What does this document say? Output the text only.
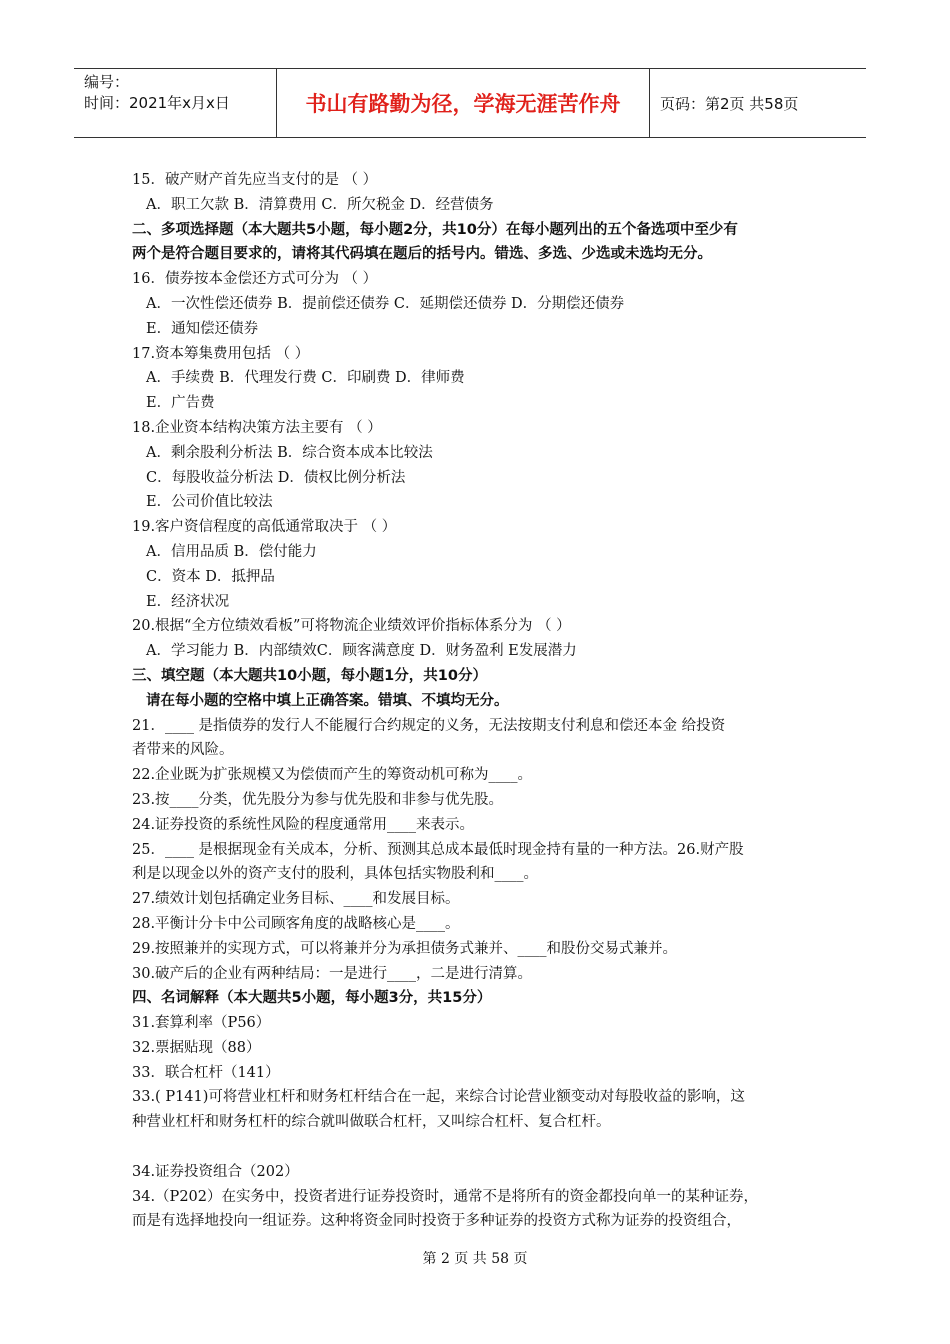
编号：
时间：2021年x月x日	书山有路勤为径，学海无涯苦作舟	页码：第2页 共58页
15．破产财产首先应当支付的是 （ ）
A．职工欠款 B．清算费用 C．所欠税金 D．经营债务
二、多项选择题（本大题共5小题，每小题2分，共10分）在每小题列出的五个备选项中至少有
两个是符合题目要求的，请将其代码填在题后的括号内。错选、多选、少选或未选均无分。
16．债券按本金偿还方式可分为 （ ）
A．一次性偿还债券 B．提前偿还债券 C．延期偿还债券 D．分期偿还债券
E．通知偿还债券
17.资本筹集费用包括 （ ）
A．手续费 B．代理发行费 C．印刷费 D．律师费
E．广告费
18.企业资本结构决策方法主要有 （ ）
A．剩余股利分析法 B．综合资本成本比较法
C．每股收益分析法 D．债权比例分析法
E．公司价值比较法
19.客户资信程度的高低通常取决于 （ ）
A．信用品质 B．偿付能力
C．资本 D．抵押品
E．经济状况
20.根据“全方位绩效看板”可将物流企业绩效评价指标体系分为 （ ）
A．学习能力 B．内部绩效C．顾客满意度 D．财务盈利 E发展潜力
三、填空题（本大题共10小题，每小题1分，共10分）
请在每小题的空格中填上正确答案。错填、不填均无分。
21．____ 是指债券的发行人不能履行合约规定的义务，无法按期支付利息和偿还本金 给投资
者带来的风险。
22.企业既为扩张规模又为偿债而产生的筹资动机可称为____。
23.按____分类，优先股分为参与优先股和非参与优先股。
24.证券投资的系统性风险的程度通常用____来表示。
25．____ 是根据现金有关成本，分析、预测其总成本最低时现金持有量的一种方法。26.财产股
利是以现金以外的资产支付的股利，具体包括实物股利和____。
27.绩效计划包括确定业务目标、____和发展目标。
28.平衡计分卡中公司顾客角度的战略核心是____。
29.按照兼并的实现方式，可以将兼并分为承担债务式兼并、____和股份交易式兼并。
30.破产后的企业有两种结局：一是进行____，二是进行清算。
四、名词解释（本大题共5小题，每小题3分，共15分）
31.套算利率（P56）
32.票据贴现（88）
33．联合杠杆（141）
33.( P141)可将营业杠杆和财务杠杆结合在一起，来综合讨论营业额变动对每股收益的影响，这
种营业杠杆和财务杠杆的综合就叫做联合杠杆，又叫综合杠杆、复合杠杆。
34.证券投资组合（202）
34.（P202）在实务中，投资者进行证券投资时，通常不是将所有的资金都投向单一的某种证券，
而是有选择地投向一组证券。这种将资金同时投资于多种证券的投资方式称为证券的投资组合，
第 2 页 共 58 页
